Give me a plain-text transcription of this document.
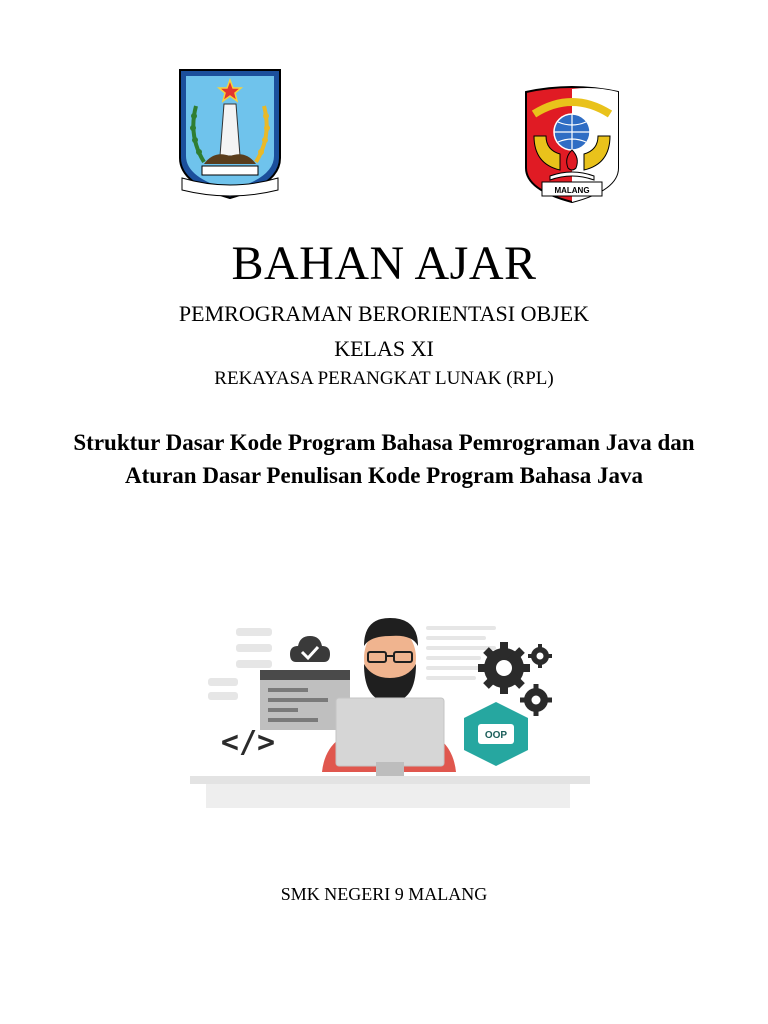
MALANG
BAHAN AJAR
PEMROGRAMAN BERORIENTASI OBJEK
KELAS XI
REKAYASA PERANGKAT LUNAK (RPL)
Struktur Dasar Kode Program Bahasa Pemrograman Java dan Aturan Dasar Penulisan Kode Program Bahasa Java
</>	OOP
SMK NEGERI 9 MALANG
